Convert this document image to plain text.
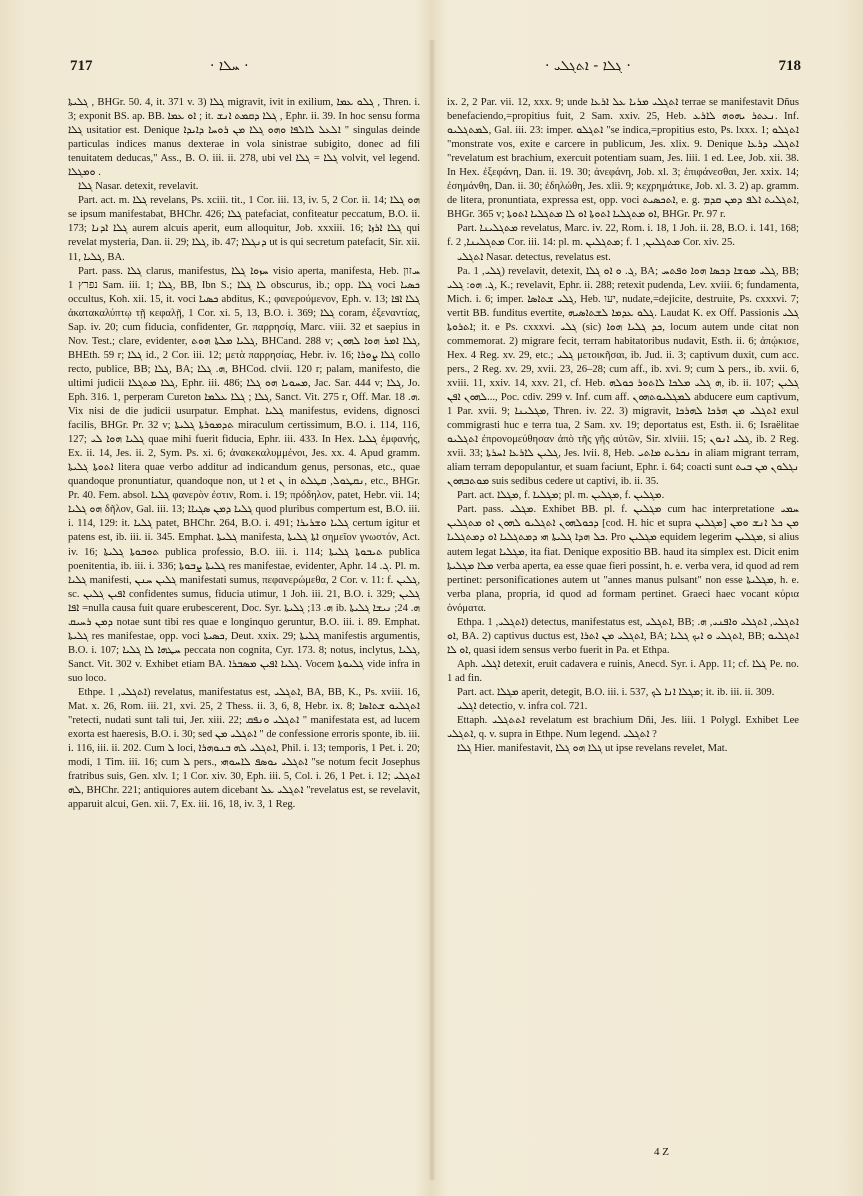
717	· ܚܠܐ ·	· ܓܠܐ - ܐܬܓܠܝ ·	718

ܓܠܝܬܐ , BHGr. 50. 4, it. 371 v. 3) ܓܠܐ migravit, ivit in exilium, ܓܠܘ ܥܡܐ , Thren. i. 3; exponit BS. ap. BB. ܐܘ ܥܡܐ ; it. ܓܠܐ ܕܩܡܬ ܐܢܫ , Ephr. ii. 39. In hoc sensu forma ܓܠܐ usitatior est. Denique ܐܠܥܠ ܠܐܠܦܐ ܘܗܘ ܓܠܐ ܡܢ ܪܘܚܐ ܕܐܝܕܐ " singulas deinde particulas indices manus dexterae in vola sinistrae subigito, donec ad fili tenuitatem deducas," Ass., B. O. iii. ii. 278, ubi vel ܓܠܐ = ܓܠܐ volvit, vel legend. ܘܡܓܠܐ .

ܓܠܐ Nasar. detexit, revelavit.

Part. act. m. ܓܠܐ revelans, Ps. xciii. tit., 1 Cor. iii. 13, iv. 5, 2 Cor. ii. 14; ܗܘ ܓܠܐ se ipsum manifestabat, BHChr. 426; ܓܠܐ patefaciat, confiteatur peccatum, B.O. ii. 173; ܓܠܐ ܐܕܢܐ aurem alcuis aperit, eum alloquitur, Job. xxxiii. 16; ܓܠܐ ܐܪܙܐ qui revelat mysteria, Dan. ii. 29; ܓܠܐ, ib. 47; ܕܢܓܠܐ ut is qui secretum patefacit, Sir. xii. 11, ܓܠܝܐ, BA.

Part. pass. ܓܠܐ clarus, manifestus, ܚܙܘܐ ܓܠܐ visio aperta, manifesta, Heb. ܚזון נפרץ 1 Sam. iii. 1; ܓܠܐ, BB, Ibn S.; ܠܐ ܓܠܐ obscurus, ib.; opp. ܓܠܐ voci ܟܣܝܐ occultus, Koh. xii. 15, it. voci ܟܣܝܐ abditus, K.; φανερούμενον, Eph. v. 13; ܓܠܐ ܐܦܐ ἀκατακαλύπτῳ τῇ κεφαλῇ, 1 Cor. xi. 5, 13, B.O. i. 369; ܓܠܐ coram, ἐξεναντίας, Sap. iv. 20; cum fiducia, confidenter, Gr. παρρησίᾳ, Marc. viii. 32 et saepius in Nov. Test.; clare, evidenter, ܓܠܝܐ ܡܠܬܐ ܗܘܬ, BHCand. 288 v; ܓܠܐ ܐܡܪ ܗܘܐ ܠܗܘܢ, BHEth. 59 r; ܓܠܐ id., 2 Cor. iii. 12; μετὰ παρρησίας, Hebr. iv. 16; ܓܠܐ ܨܘܪܐ collo recto, publice, BB; ܓܠܐ, BA; ܗ. ܓܠܐ, BHCod. clvii. 120 r; palam, manifesto, die ultimi judicii ܓܠܐ ܡܬܓܠܐ, Ephr. iii. 486; ܡܚܘܝܐ ܗܘ ܓܠܐ, Jac. Sar. 444 v; ܓܠܐ, Jo. Eph. 316. 1, perperam Cureton ܓܠܐ ; ܓܠܐ ܥܠܡܐ, Sanct. Vit. 275 r, Off. Mar. ܗ. 18. Vix nisi de die judicii usurpatur. Emphat. ܓܠܝܐ manifestus, evidens, dignosci facilis, BHGr. Pr. 32 v; ܬܕܡܘܪܬܐ ܓܠܝܬܐ miraculum certissimum, B.O. i. 114, 116, 127; ܓܠܝܐ ܗܘܐ ܠܝ quae mihi fuerit fiducia, Ephr. iii. 433. In Hex. ܓܠܝܐ ἐμφανής, Ex. ii. 14, Jes. ii. 2, Sym. Ps. xi. 6; ἀνακεκαλυμμένοι, Jes. xx. 4. Apud gramm. ܐܬܘܬܐ ܓܠܝܬܐ litera quae verbo additur ad indicandum genus, personas, etc., quae quandoque pronuntiatur, quandoque non, ut ܐ et ܢ in ܢܩܛܘܠ, ܩܛܠܬ, etc., BHGr. Pr. 40. Fem. absol. ܓܠܝܐ φανερὸν ἐστιν, Rom. i. 19; πρόδηλον, patet, Hebr. vii. 14; ܗܘ ܓܠܝܐ δῆλον, Gal. iii. 13; ܓܠܝܐ ܕܡܢ ܣܓܝܐܐ quod pluribus compertum est, B.O. iii. i. 114, 129: it. ܓܠܝܐ patet, BHChr. 264, B.O. i. 491; ܓܠܝܐ ܘܫܪܝܪܐ certum igitur et patens est, ib. iii. ii. 345. Emphat. ܓܠܝܬܐ manifesta, ܐܬܐ ܓܠܝܬܐ σημεῖον γνωστόν, Act. iv. 16; ܬܘܒܘܬܐ ܓܠܝܬܐ publica professio, B.O. iii. i. 114; ܬܝܒܘܬܐ ܓܠܝܬܐ publica poenitentia, ib. iii. i. 336; ܓܠܝܬܐ ܨܒܘܬܐ res manifestae, evidenter, Aphr. ܓ. 14. Pl. m. ܓܠܝܐ manifesti, ܓܠܝܢ ܚܢܢ manifestati sumus, πεφανερώμεθα, 2 Cor. v. 11: f. ܓܠܝܢ, sc. ܐܦܝܢ ܓܠܝܢ confidentes sumus, fiducia utimur, 1 Joh. iii. 21, B.O. i. 329; ܓܠܝܢ ܐܦܐ =nulla causa fuit quare erubescerent, Doc. Syr. ܗ. 13; ܓܠܝܬܐ ib. ܗ. 24; ܢܝܫܐ ܓܠܝܬܐ ܕܡܢ ܪܚܝܩ notae sunt tibi res quae e longinquo geruntur, B.O. iii. i. 89. Emphat. ܓܠܝܬܐ res manifestae, opp. voci ܟܣܝܬܐ, Deut. xxix. 29; ܓܠܝܬܐ manifestis argumentis, B.O. i. 107; ܚܛܗܐ ܠܐ ܓܠܝܐ peccata non cognita, Cyr. 173. 8; notus, inclytus, ܓܠܝܐ, Sanct. Vit. 302 v. Exhibet etiam BA. ܓܠܝܐ ܐܦܝܢ ܡܣܒܪܐ. Vocem ܓܠܝܘܬܐ vide infra in suo loco.

Ethpe. ܐܬܓܠܝ, 1) revelatus, manifestatus est, ܐܬܓܠܝ, BA, BB, K., Ps. xviii. 16, Mat. x. 26, Rom. iii. 21, xvi. 25, 2 Thess. ii. 3, 6, 8, Hebr. ix. 8; ܐܬܓܠܝܘ ܫܬܐܣܐ "retecti, nudati sunt tali tui, Jer. xiii. 22; ܐܬܓܠܝ ܘܢܦܩ " manifestata est, ad lucem exorta est haeresis, B.O. i. 30; sed ܐܬܓܠܝ ܡܢ " de confessione erroris sponte, ib. iii. i. 116, iii. ii. 202. Cum ܠ loci, ܐܬܓܠܝ ܠܗ ܒܢܘܗܪܐ, Phil. i. 13; temporis, 1 Pet. i. 20; modi, 1 Tim. iii. 16; cum ܠ pers., ܐܬܓܠܝ ܝܘܣܦ ܠܐܚܘܗܝ "se notum fecit Josephus fratribus suis, Gen. xlv. 1; 1 Cor. xiv. 30, Eph. iii. 5, Col. i. 26, 1 Pet. i. 12; ܐܬܓܠܝ ܠܗ, BHChr. 221; antiquiores autem dicebant ܐܬܓܠܝ ܥܠ "revelatus est, se revelavit, apparuit alcui, Gen. xii. 7, Ex. iii. 16, 18, iv. 3, 1 Reg.

ix. 2, 2 Par. vii. 12, xxx. 9; unde ܐܬܓܠܝ ܡܪܝܐ ܥܠ ܐܪܥܐ terrae se manifestavit Dñus benefaciendo,=propitius fuit, 2 Sam. xxiv. 25, Heb. ܢܥܬܪ ܝܗܘܗ ܠܐܪܥ. Inf. ܠܡܬܓܠܝܘ, Gal. iii. 23: imper. ܐܬܓܠܘ "se indica,=propitius esto, Ps. lxxx. 1; ܐܬܓܠܘ "monstrate vos, exite e carcere in publicum, Jes. xlix. 9. Denique ܐܬܓܠܝ ܕܪܥܐ "revelatum est brachium, exercuit potentiam suam, Jes. liii. 1 ed. Lee, Job. xii. 38. In Hex. ἐξεφάνη, Dan. ii. 19. 30; ἀνεφάνη, Job. xl. 3; ἐπιφάνεσθαι, Jer. xxix. 14; ἐσημάνθη, Dan. ii. 30; ἐδηλώθη, Jes. xlii. 9; κεχρημάτικε, Job. xl. 3. 2) ap. gramm. de litera, pronuntiata, expressa est, opp. voci ܐܬܟܣܝܬ, e. g. ܐܬܓܠܝܬ ܐܠܦ ܕܡܢ ܩܕܡ, BHGr. 365 v; ܐܘ ܡܬܓܠܝܐ ܐܬܘܬܐ ܐܘ ܠܐ ܡܬܓܠܝܐ ܐܬܘܬܐ, BHGr. Pr. 97 r.

Part. ܡܬܓܠܝܢܐ revelatus, Marc. iv. 22, Rom. i. 18, 1 Joh. ii. 28, B.O. i. 141, 168; f. ܡܬܓܠܝܢܐ, 2 Cor. iii. 14: pl. m. ܡܬܓܠܝܢ; f. ܡܬܓܠܝܢ, 1 Cor. xiv. 25.

ܐܬܓܠܝ Nasar. detectus, revelatus est.

Pa. ܓܠܝ, 1) revelavit, detexit, ܓ. ܘ ܐܘ ܓܠܐ, BA; ܓܠܝ ܡܘܫܐ ܕܟܣܐ ܗܘܐ ܘܦܬܚ, BB; ܓ. ܗܘ: ܓܠܝ, K.; revelavit, Ephr. ii. 288; retexit pudenda, Lev. xviii. 6; fundamenta, Mich. i. 6; imper. ܓܠܝ ܫܬܐܣܐ, Heb. יעו, nudate,=dejicite, destruite, Ps. cxxxvi. 7; vertit BB. funditus evertite, ܓܠܘ ܥܕܡܐ ܠܫܬܐܣܝܗ. Laudat K. ex Off. Passionis ܓܠܝ ܐܬܪܘܬܐ; it. e Ps. cxxxvi. ܓܠܝ (sic) ܟܕ ܓܠܝܐ ܗܘܐ, locum autem unde citat non commemorat. 2) migrare fecit, terram habitatoribus nudavit, Esth. ii. 6; ἀπῴκισε, Hex. 4 Reg. xv. 29, etc.; ܓܠܝ μετοικῆσαι, ib. Jud. ii. 3; captivum duxit, cum acc. pers., 2 Reg. xv. 29, xvii. 23, 26–28; cum aff., ib. xvi. 9; cum ܠ pers., ib. xvii. 6, xviii. 11, xxiv. 14, xxv. 21, cf. Heb. ܗ ܓܠܝ ܡܠܟܐ ܠܐܬܘܪ ܟܘܠܗ, ib. ii. 107; ܓܠܝܢ ܠܗܘܢ ܐܦܢ..., Poc. cdiv. 299 v. Inf. cum aff. ܠܡܓܠܝܘܬܗܘܢ abducere eum captivum, 1 Par. xvii. 9; ܡܓܠܝܢܐ, Thren. iv. 22. 3) migravit, ܐܬܓܠܝ ܡܢ ܗܪܟܐ ܠܗܪܟܐ exul commigrasti huc e terra tua, 2 Sam. xv. 19; deportatus est, Esth. ii. 6; Israëlitae ܐܬܓܠܝܘ ἐπρονομεύθησαν ἀπὸ τῆς γῆς αὐτῶν, Sir. xlviii. 15; ܓܠܝ ܐܢܘܢ, ib. 2 Reg. xvii. 33; ܓܠܝܢ ܠܐܪܥܐ ܐܚܪܬܐ, Jes. lvii. 8, Heb. ܢܟܪܝܬ ܡܐܬܝ in aliam migrant terram, aliam terram depopulantur, et suam faciunt, Ephr. i. 64; coacti sunt ܢܓܠܘܢ ܡܢ ܒܝܬ ܡܘܬܒܗܘܢ suis sedibus cedere ut captivi, ib. ii. 35.

Part. act. ܡܓܠܐ, f. ܡܓܠܝܐ; pl. m. ܡܓܠܝܢ, f. ܡܓܠܝܢ.

Part. pass. ܡܓܠܝ. Exhibet BB. pl. f. ܡܓܠܝܢ cum hac interpretatione ܚܡܝ ܕܟܘܠܗܘܢ ܐܬܓܠܝܘ ܠܗܘܢ ܐܘ ܡܬܓܠܝܢ [cod. H. hic et supra ܡܓܠܝܢ] ܡܢ ܟܠ ܐܢܫ ܘܡܢ ܟܠ ܗܕܐ ܓܠܝܬܐ ܗܝ ܕܡܬܓܠܝܐ ܐܘ ܕܡܬܓܠܝܐ. Pro ܡܓܠܝܢ equidem legerim ܡܓܠܝܢ, si alius autem legat ܡܓܠܝܐ, ita fiat. Denique expositio BB. haud ita simplex est. Dicit enim ܡܠܐ ܡܓܠܝܬܐ verba aperta, ea esse quae fieri possint, h. e. verba vera, id quod ad rem pertinet: personificationes autem ut "annes manus pulsant" non esse ܡܓܠܝܬܐ, h. e. verba plana, propria, id quod ad formam pertinet. Graeci haec vocant κύρια ὀνόματα.

Ethpa. ܐܬܓܠܝ, 1) detectus, manifestatus est, ܐܬܓܠܝ, BB; ܐܬܓܠܝ, ܐܬܓܠܝ ܘܐܦܢܝ, ܗ. ܐܘ, BA. 2) captivus ductus est, ܐܬܓܠܝ ܡܢ ܐܬܪܐ, BA; ܐܬܓܠܝ ܘ ܐܝܟ ܓܠܝܐ, BB; ܐܬܓܠܝܘ ܐܘ ܠܐ, quasi idem sensus verbo fuerit in Pa. et Ethpa.

Aph. ܐܓܠܝ detexit, eruit cadavera e ruinis, Anecd. Syr. i. App. 11; cf. ܓܠܐ Pe. no. 1 ad fin.

Part. act. ܡܓܠܐ aperit, detegit, B.O. iii. i. 537, ܡܓܠܐ ܐܢܐ ܠܟ; it. ib. iii. ii. 309.

ܐܓܠܝ detectio, v. infra col. 721.

Ettaph. ܐܬܬܓܠܝ revelatum est brachium Dñi, Jes. liii. 1 Polygl. Exhibet Lee ܐܬܓܠܝ, q. v. supra in Ethpe. Num legend. ܐܬܓܠܝ ?

ܓܠܐ Hier. manifestavit, ܓܠܐ ܗܘ ܓܠܐ ut ipse revelans revelet, Mat.

4 Z
